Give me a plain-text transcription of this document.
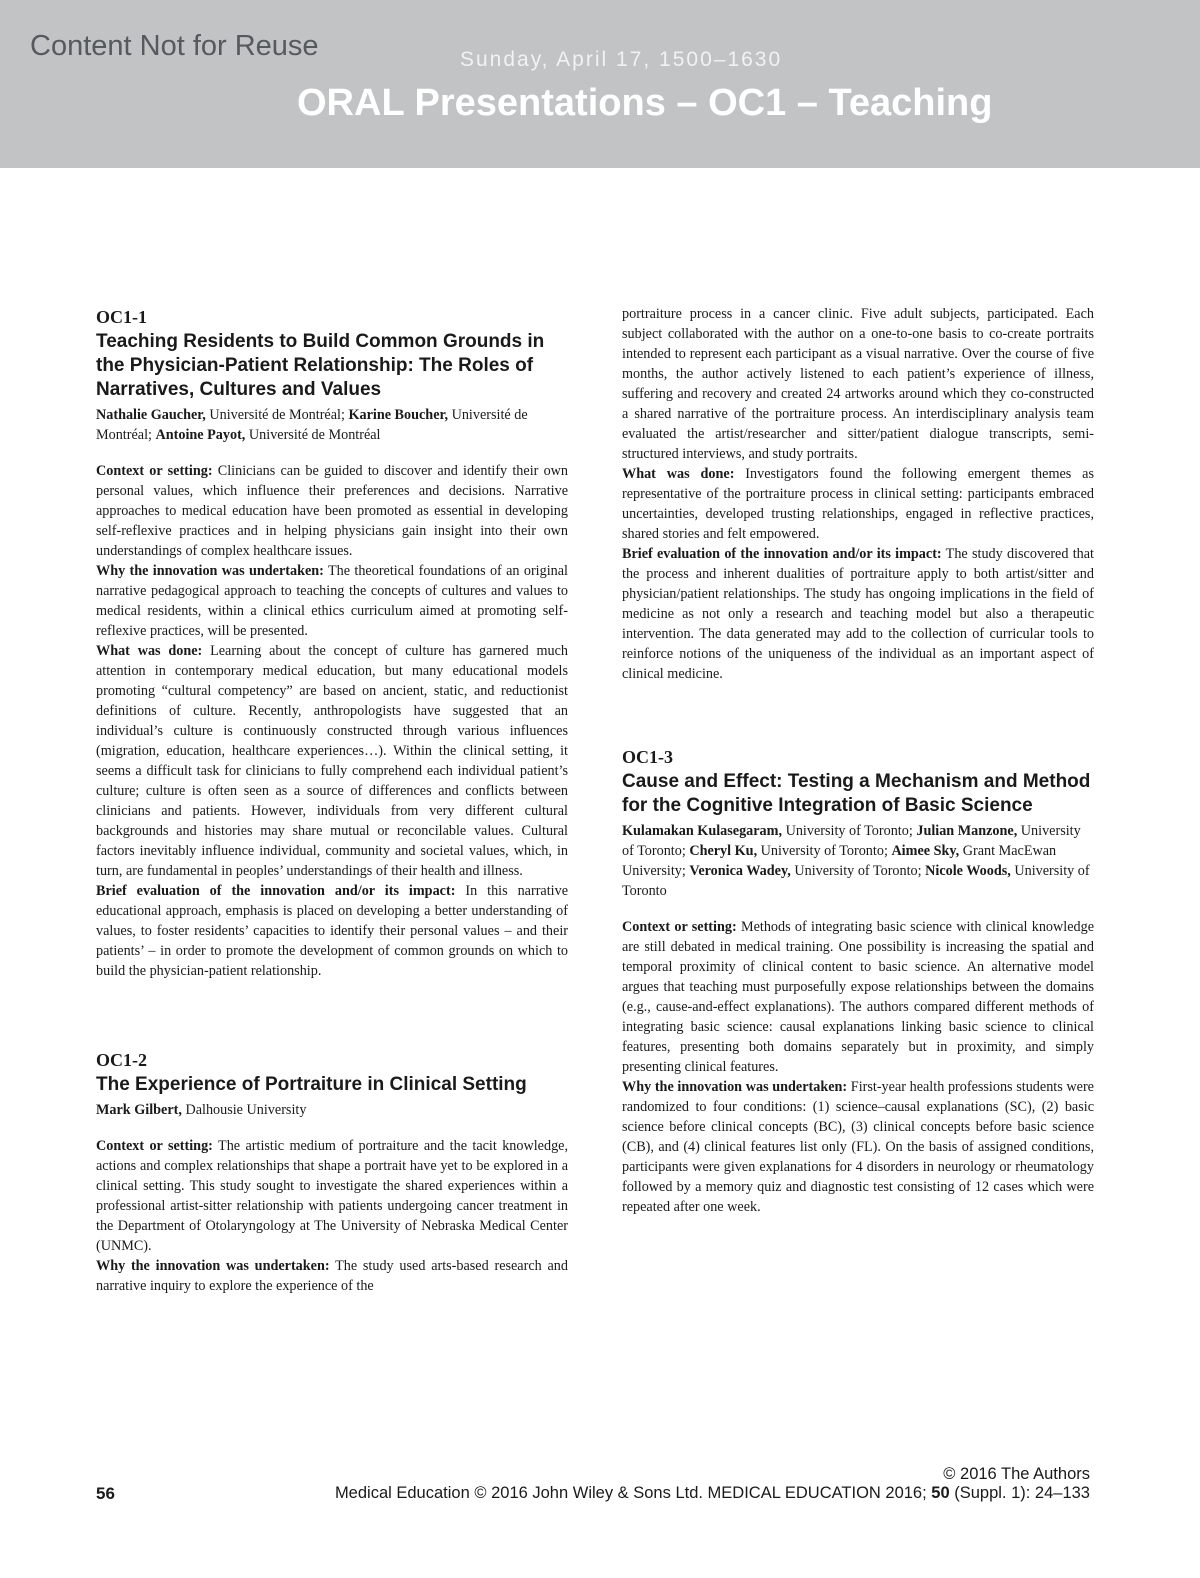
Content Not for Reuse	Sunday, April 17, 1500–1630
ORAL Presentations – OC1 – Teaching

OC1-1

Teaching Residents to Build Common Grounds in the Physician-Patient Relationship: The Roles of Narratives, Cultures and Values

Nathalie Gaucher, Université de Montréal; Karine Boucher, Université de Montréal; Antoine Payot, Université de Montréal

Context or setting: Clinicians can be guided to discover and identify their own personal values, which influence their preferences and decisions. Narrative approaches to medical education have been promoted as essential in developing self-reflexive practices and in helping physicians gain insight into their own understandings of complex healthcare issues.

Why the innovation was undertaken: The theoretical foundations of an original narrative pedagogical approach to teaching the concepts of cultures and values to medical residents, within a clinical ethics curriculum aimed at promoting self-reflexive practices, will be presented.

What was done: Learning about the concept of culture has garnered much attention in contemporary medical education, but many educational models promoting “cultural competency” are based on ancient, static, and reductionist definitions of culture. Recently, anthropologists have suggested that an individual’s culture is continuously constructed through various influences (migration, education, healthcare experiences…). Within the clinical setting, it seems a difficult task for clinicians to fully comprehend each individual patient’s culture; culture is often seen as a source of differences and conflicts between clinicians and patients. However, individuals from very different cultural backgrounds and histories may share mutual or reconcilable values. Cultural factors inevitably influence individual, community and societal values, which, in turn, are fundamental in peoples’ understandings of their health and illness.

Brief evaluation of the innovation and/or its impact: In this narrative educational approach, emphasis is placed on developing a better understanding of values, to foster residents’ capacities to identify their personal values – and their patients’ – in order to promote the development of common grounds on which to build the physician-patient relationship.

OC1-2

The Experience of Portraiture in Clinical Setting

Mark Gilbert, Dalhousie University

Context or setting: The artistic medium of portraiture and the tacit knowledge, actions and complex relationships that shape a portrait have yet to be explored in a clinical setting. This study sought to investigate the shared experiences within a professional artist-sitter relationship with patients undergoing cancer treatment in the Department of Otolaryngology at The University of Nebraska Medical Center (UNMC).

Why the innovation was undertaken: The study used arts-based research and narrative inquiry to explore the experience of the

portraiture process in a cancer clinic. Five adult subjects, participated. Each subject collaborated with the author on a one-to-one basis to co-create portraits intended to represent each participant as a visual narrative. Over the course of five months, the author actively listened to each patient’s experience of illness, suffering and recovery and created 24 artworks around which they co-constructed a shared narrative of the portraiture process. An interdisciplinary analysis team evaluated the artist/researcher and sitter/patient dialogue transcripts, semi-structured interviews, and study portraits.

What was done: Investigators found the following emergent themes as representative of the portraiture process in clinical setting: participants embraced uncertainties, developed trusting relationships, engaged in reflective practices, shared stories and felt empowered.

Brief evaluation of the innovation and/or its impact: The study discovered that the process and inherent dualities of portraiture apply to both artist/sitter and physician/patient relationships. The study has ongoing implications in the field of medicine as not only a research and teaching model but also a therapeutic intervention. The data generated may add to the collection of curricular tools to reinforce notions of the uniqueness of the individual as an important aspect of clinical medicine.

OC1-3

Cause and Effect: Testing a Mechanism and Method for the Cognitive Integration of Basic Science

Kulamakan Kulasegaram, University of Toronto; Julian Manzone, University of Toronto; Cheryl Ku, University of Toronto; Aimee Sky, Grant MacEwan University; Veronica Wadey, University of Toronto; Nicole Woods, University of Toronto

Context or setting: Methods of integrating basic science with clinical knowledge are still debated in medical training. One possibility is increasing the spatial and temporal proximity of clinical content to basic science. An alternative model argues that teaching must purposefully expose relationships between the domains (e.g., cause-and-effect explanations). The authors compared different methods of integrating basic science: causal explanations linking basic science to clinical features, presenting both domains separately but in proximity, and simply presenting clinical features.

Why the innovation was undertaken: First-year health professions students were randomized to four conditions: (1) science–causal explanations (SC), (2) basic science before clinical concepts (BC), (3) clinical concepts before basic science (CB), and (4) clinical features list only (FL). On the basis of assigned conditions, participants were given explanations for 4 disorders in neurology or rheumatology followed by a memory quiz and diagnostic test consisting of 12 cases which were repeated after one week.

56
© 2016 The Authors
Medical Education © 2016 John Wiley & Sons Ltd. MEDICAL EDUCATION 2016; 50 (Suppl. 1): 24–133
